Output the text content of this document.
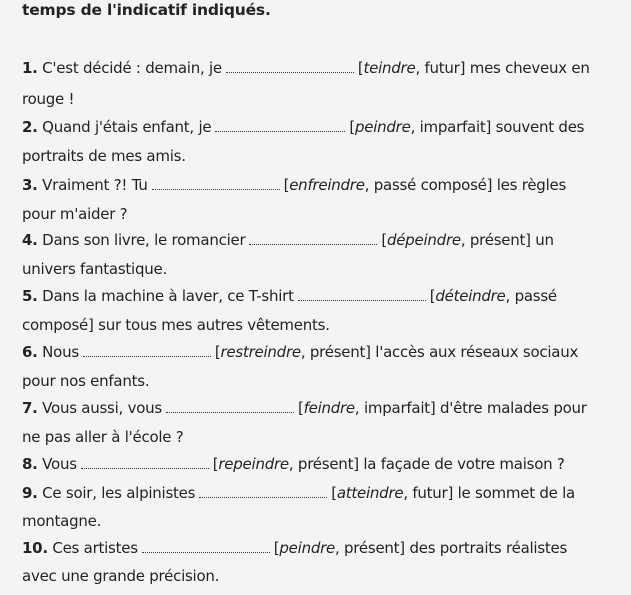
temps de l'indicatif indiqués.
1. C'est décidé : demain, je	[teindre, futur] mes cheveux en
rouge !
2. Quand j'étais enfant, je	[peindre, imparfait] souvent des
portraits de mes amis.
3. Vraiment ?! Tu	[enfreindre, passé composé] les règles
pour m'aider ?
4. Dans son livre, le romancier	[dépeindre, présent] un
univers fantastique.
5. Dans la machine à laver, ce T-shirt	[déteindre, passé
composé] sur tous mes autres vêtements.
6. Nous	[restreindre, présent] l'accès aux réseaux sociaux
pour nos enfants.
7. Vous aussi, vous	[feindre, imparfait] d'être malades pour
ne pas aller à l'école ?
8. Vous	[repeindre, présent] la façade de votre maison ?
9. Ce soir, les alpinistes	[atteindre, futur] le sommet de la
montagne.
10. Ces artistes	[peindre, présent] des portraits réalistes
avec une grande précision.
